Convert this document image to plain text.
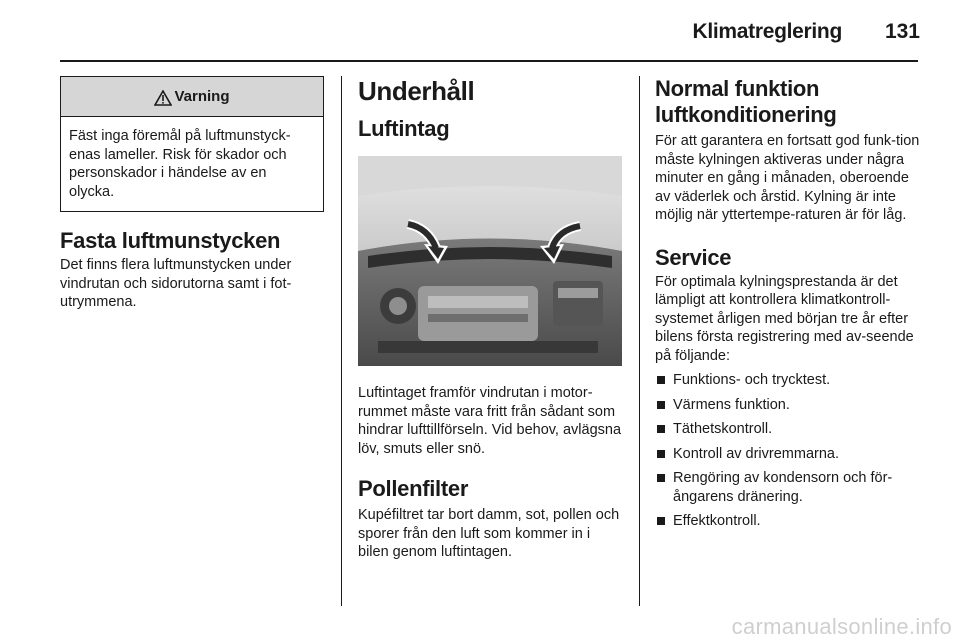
Klimatreglering 131
Varning
Fäst inga föremål på luftmunstyck-enas lameller. Risk för skador och personskador i händelse av en olycka.
Fasta luftmunstycken

Det finns flera luftmunstycken under vindrutan och sidorutorna samt i fot-utrymmena.

Underhåll
Luftintag

Luftintaget framför vindrutan i motor-rummet måste vara fritt från sådant som hindrar lufttillförseln. Vid behov, avlägsna löv, smuts eller snö.

Pollenfilter

Kupéfiltret tar bort damm, sot, pollen och sporer från den luft som kommer in i bilen genom luftintagen.

Normal funktion luftkonditionering

För att garantera en fortsatt god funk-tion måste kylningen aktiveras under några minuter en gång i månaden, oberoende av väderlek och årstid. Kylning är inte möjlig när yttertempe-raturen är för låg.

Service

För optimala kylningsprestanda är det lämpligt att kontrollera klimatkontroll-systemet årligen med början tre år efter bilens första registrering med av-seende på följande:

Funktions- och trycktest.
Värmens funktion.
Täthetskontroll.
Kontroll av drivremmarna.
Rengöring av kondensorn och för-ångarens dränering.
Effektkontroll.
carmanualsonline.info
